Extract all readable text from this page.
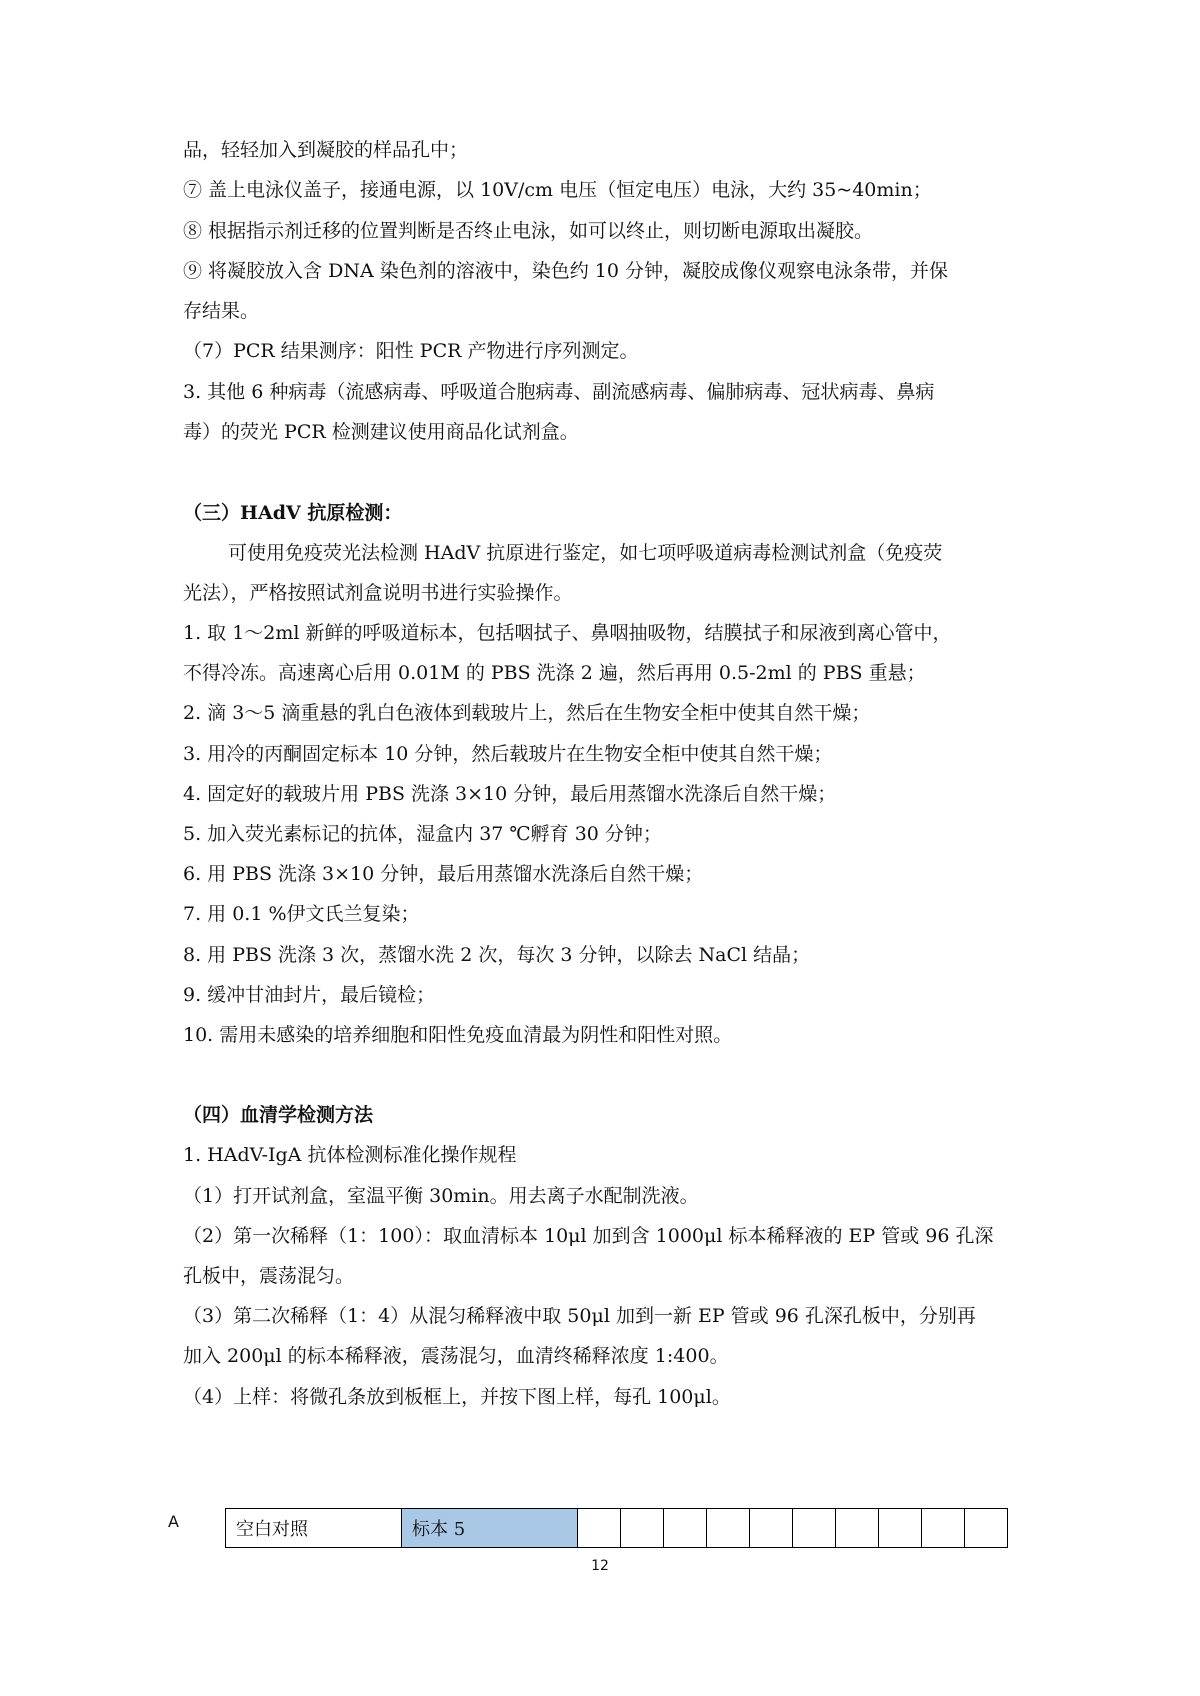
品，轻轻加入到凝胶的样品孔中；
⑦ 盖上电泳仪盖子，接通电源，以 10V/cm 电压（恒定电压）电泳，大约 35~40min；
⑧ 根据指示剂迁移的位置判断是否终止电泳，如可以终止，则切断电源取出凝胶。
⑨ 将凝胶放入含 DNA 染色剂的溶液中，染色约 10 分钟，凝胶成像仪观察电泳条带，并保
存结果。
（7）PCR 结果测序：阳性 PCR 产物进行序列测定。
3. 其他 6 种病毒（流感病毒、呼吸道合胞病毒、副流感病毒、偏肺病毒、冠状病毒、鼻病
毒）的荧光 PCR 检测建议使用商品化试剂盒。
（三）HAdV 抗原检测：
可使用免疫荧光法检测 HAdV 抗原进行鉴定，如七项呼吸道病毒检测试剂盒（免疫荧
光法），严格按照试剂盒说明书进行实验操作。
1. 取 1～2ml 新鲜的呼吸道标本，包括咽拭子、鼻咽抽吸物，结膜拭子和尿液到离心管中，
不得冷冻。高速离心后用 0.01M 的 PBS 洗涤 2 遍，然后再用 0.5-2ml 的 PBS 重悬；
2. 滴 3～5 滴重悬的乳白色液体到载玻片上，然后在生物安全柜中使其自然干燥；
3. 用冷的丙酮固定标本 10 分钟，然后载玻片在生物安全柜中使其自然干燥；
4. 固定好的载玻片用 PBS 洗涤 3×10 分钟，最后用蒸馏水洗涤后自然干燥；
5. 加入荧光素标记的抗体，湿盒内 37 ℃孵育 30 分钟；
6. 用 PBS 洗涤 3×10 分钟，最后用蒸馏水洗涤后自然干燥；
7. 用 0.1 %伊文氏兰复染；
8. 用 PBS 洗涤 3 次，蒸馏水洗 2 次，每次 3 分钟，以除去 NaCl 结晶；
9. 缓冲甘油封片，最后镜检；
10. 需用未感染的培养细胞和阳性免疫血清最为阴性和阳性对照。
（四）血清学检测方法
1. HAdV-IgA 抗体检测标准化操作规程
（1）打开试剂盒，室温平衡 30min。用去离子水配制洗液。
（2）第一次稀释（1：100）：取血清标本 10μl 加到含 1000μl 标本稀释液的 EP 管或 96 孔深
孔板中，震荡混匀。
（3）第二次稀释（1：4）从混匀稀释液中取 50μl 加到一新 EP 管或 96 孔深孔板中，分别再
加入 200μl 的标本稀释液，震荡混匀，血清终稀释浓度 1:400。
（4）上样：将微孔条放到板框上，并按下图上样，每孔 100μl。
A	空白对照	标本 5										
12
